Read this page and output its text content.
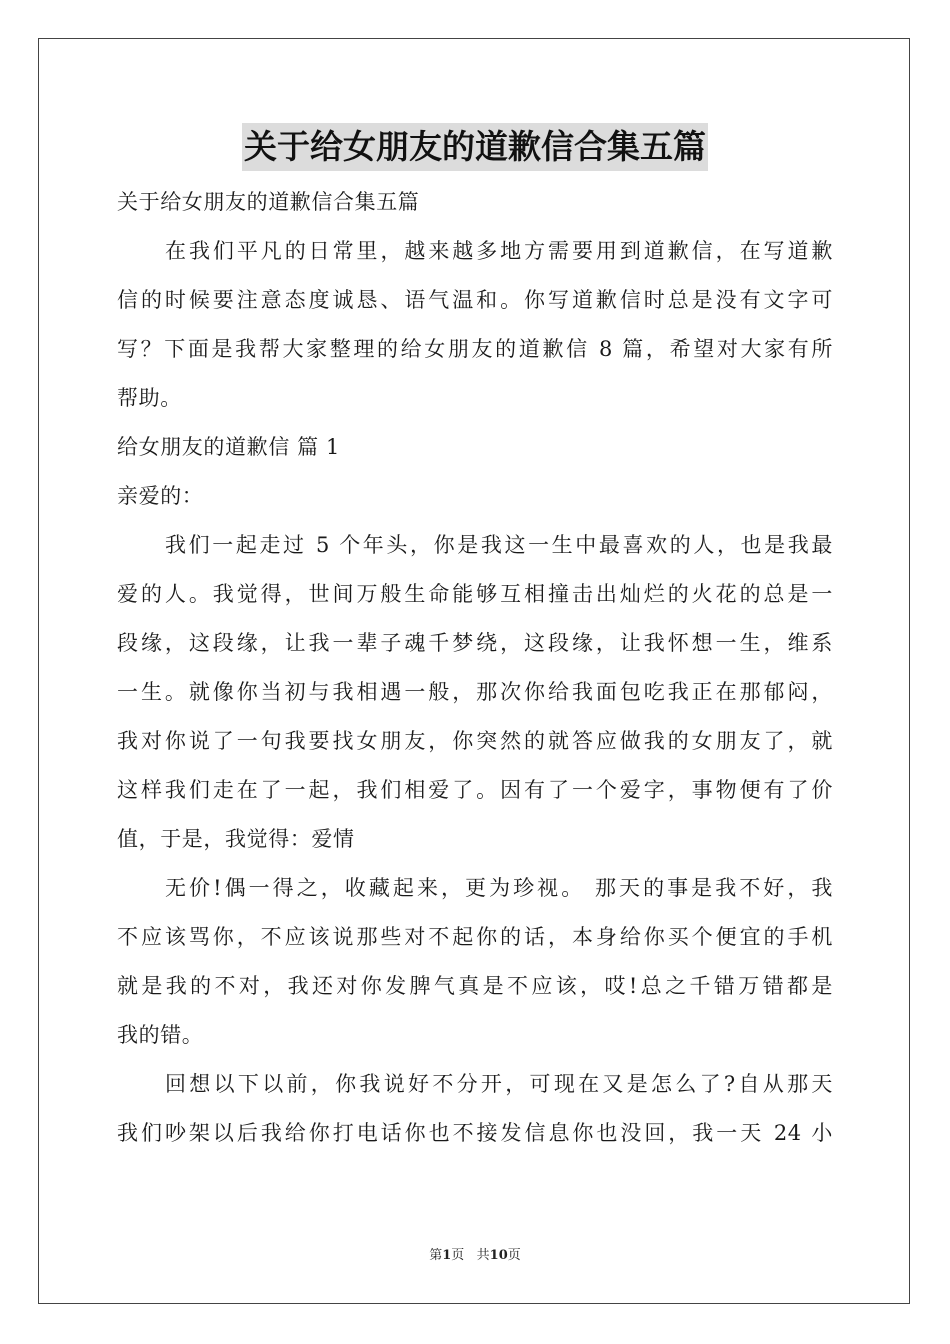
关于给女朋友的道歉信合集五篇
关于给女朋友的道歉信合集五篇
在我们平凡的日常里，越来越多地方需要用到道歉信，在写道歉
信的时候要注意态度诚恳、语气温和。你写道歉信时总是没有文字可
写？下面是我帮大家整理的给女朋友的道歉信 8 篇，希望对大家有所
帮助。
给女朋友的道歉信 篇 1
亲爱的：
我们一起走过 5 个年头，你是我这一生中最喜欢的人，也是我最
爱的人。我觉得，世间万般生命能够互相撞击出灿烂的火花的总是一
段缘，这段缘，让我一辈子魂千梦绕，这段缘，让我怀想一生，维系
一生。就像你当初与我相遇一般，那次你给我面包吃我正在那郁闷，
我对你说了一句我要找女朋友，你突然的就答应做我的女朋友了，就
这样我们走在了一起，我们相爱了。因有了一个爱字，事物便有了价
值，于是，我觉得：爱情
无价!偶一得之，收藏起来，更为珍视。 那天的事是我不好，我
不应该骂你，不应该说那些对不起你的话，本身给你买个便宜的手机
就是我的不对，我还对你发脾气真是不应该，哎!总之千错万错都是
我的错。
回想以下以前，你我说好不分开，可现在又是怎么了?自从那天
我们吵架以后我给你打电话你也不接发信息你也没回，我一天 24 小
第1页   共10页
